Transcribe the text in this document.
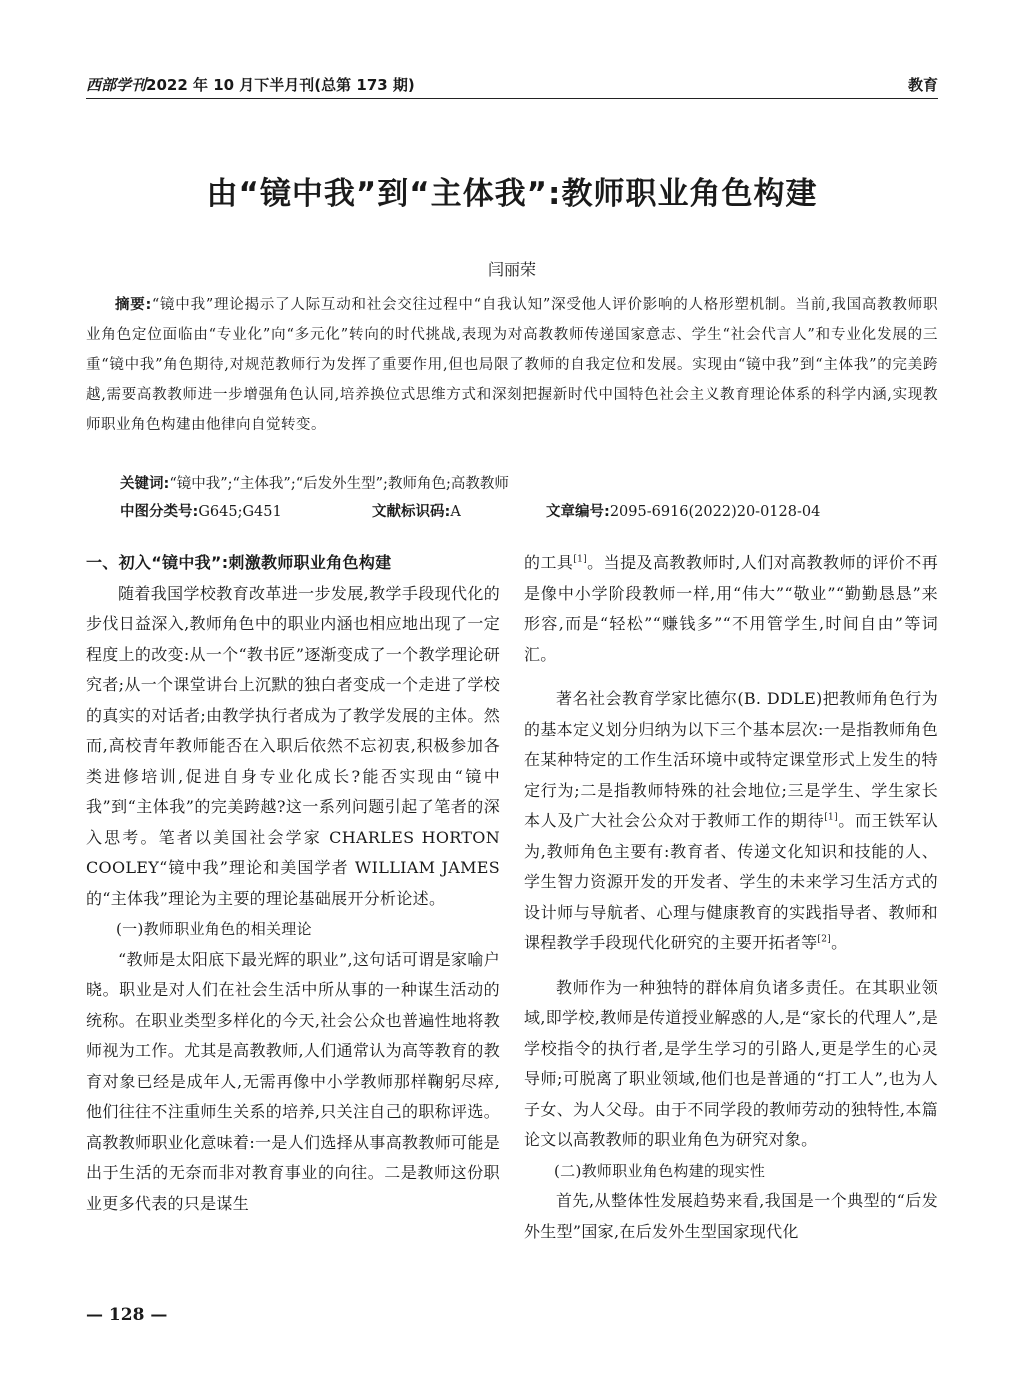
西部学刊2022 年 10 月下半月刊(总第 173 期)	教育
由“镜中我”到“主体我”:教师职业角色构建
闫丽荣
摘要:“镜中我”理论揭示了人际互动和社会交往过程中“自我认知”深受他人评价影响的人格形塑机制。当前,我国高教教师职业角色定位面临由“专业化”向“多元化”转向的时代挑战,表现为对高教教师传递国家意志、学生“社会代言人”和专业化发展的三重“镜中我”角色期待,对规范教师行为发挥了重要作用,但也局限了教师的自我定位和发展。实现由“镜中我”到“主体我”的完美跨越,需要高教教师进一步增强角色认同,培养换位式思维方式和深刻把握新时代中国特色社会主义教育理论体系的科学内涵,实现教师职业角色构建由他律向自觉转变。
关键词:“镜中我”;“主体我”;“后发外生型”;教师角色;高教教师
中图分类号:G645;G451	文献标识码:A	文章编号:2095-6916(2022)20-0128-04
一、初入“镜中我”:刺激教师职业角色构建

随着我国学校教育改革进一步发展,教学手段现代化的步伐日益深入,教师角色中的职业内涵也相应地出现了一定程度上的改变:从一个“教书匠”逐渐变成了一个教学理论研究者;从一个课堂讲台上沉默的独白者变成一个走进了学校的真实的对话者;由教学执行者成为了教学发展的主体。然而,高校青年教师能否在入职后依然不忘初衷,积极参加各类进修培训,促进自身专业化成长?能否实现由“镜中我”到“主体我”的完美跨越?这一系列问题引起了笔者的深入思考。笔者以美国社会学家 CHARLES HORTON COOLEY“镜中我”理论和美国学者 WILLIAM JAMES 的“主体我”理论为主要的理论基础展开分析论述。

(一)教师职业角色的相关理论

“教师是太阳底下最光辉的职业”,这句话可谓是家喻户晓。职业是对人们在社会生活中所从事的一种谋生活动的统称。在职业类型多样化的今天,社会公众也普遍性地将教师视为工作。尤其是高教教师,人们通常认为高等教育的教育对象已经是成年人,无需再像中小学教师那样鞠躬尽瘁,他们往往不注重师生关系的培养,只关注自己的职称评选。高教教师职业化意味着:一是人们选择从事高教教师可能是出于生活的无奈而非对教育事业的向往。二是教师这份职业更多代表的只是谋生

的工具[1]。当提及高教教师时,人们对高教教师的评价不再是像中小学阶段教师一样,用“伟大”“敬业”“勤勤恳恳”来形容,而是“轻松”“赚钱多”“不用管学生,时间自由”等词汇。

著名社会教育学家比德尔(B. DDLE)把教师角色行为的基本定义划分归纳为以下三个基本层次:一是指教师角色在某种特定的工作生活环境中或特定课堂形式上发生的特定行为;二是指教师特殊的社会地位;三是学生、学生家长本人及广大社会公众对于教师工作的期待[1]。而王铁军认为,教师角色主要有:教育者、传递文化知识和技能的人、学生智力资源开发的开发者、学生的未来学习生活方式的设计师与导航者、心理与健康教育的实践指导者、教师和课程教学手段现代化研究的主要开拓者等[2]。

教师作为一种独特的群体肩负诸多责任。在其职业领域,即学校,教师是传道授业解惑的人,是“家长的代理人”,是学校指令的执行者,是学生学习的引路人,更是学生的心灵导师;可脱离了职业领域,他们也是普通的“打工人”,也为人子女、为人父母。由于不同学段的教师劳动的独特性,本篇论文以高教教师的职业角色为研究对象。

(二)教师职业角色构建的现实性

首先,从整体性发展趋势来看,我国是一个典型的“后发外生型”国家,在后发外生型国家现代化

— 128 —
